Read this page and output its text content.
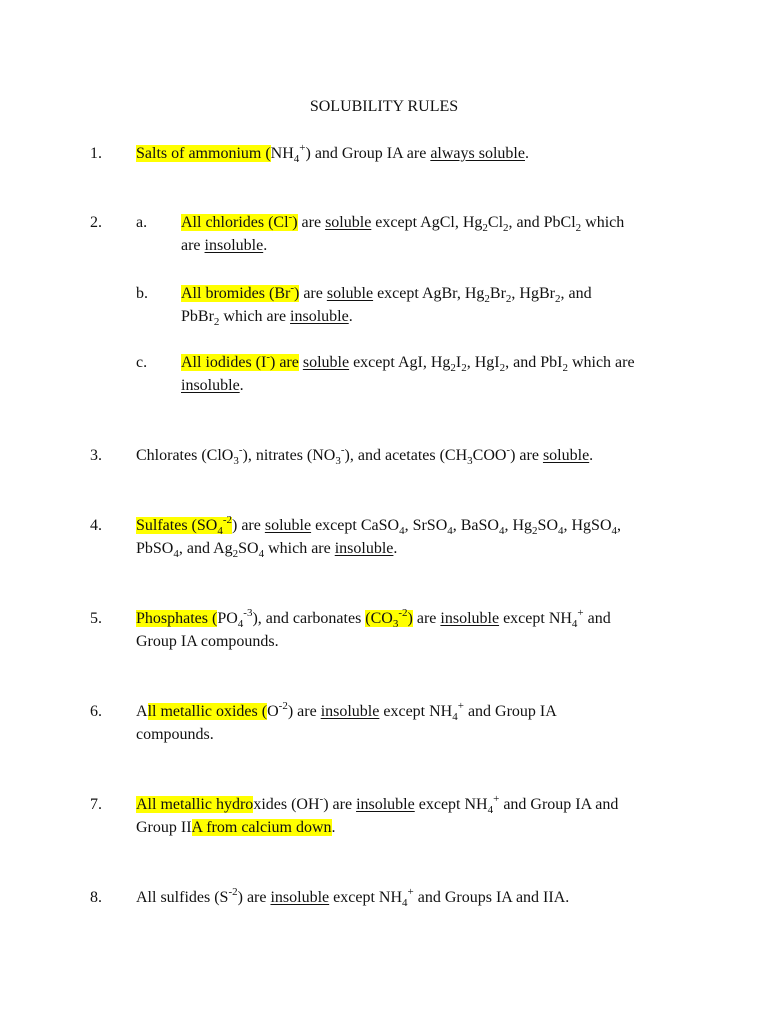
SOLUBILITY RULES
1. Salts of ammonium $(NH_4^+)$ and Group IA are always soluble.
2. a. All chlorides (Cl-) are soluble except AgCl, $Hg_2Cl_2$, and PbCl$_2$ which
are insoluble.
b. All bromides (Br-) are soluble except AgBr, $Hg_2Br_2$, HgBr$_2$, and
PbBr$_2$ which are insoluble.
c. All iodides (I-) are soluble except AgI, $Hg_2I_2$, HgI$_2$, and PbI$_2$ which are
insoluble.
3. Chlorates (ClO$_3$-), nitrates $(NO_3^-)$, and acetates $(CH_3COO^-)$ are soluble.
4. Sulfates $(SO_4^{-2})$ are soluble except CaSO$_4$, SrSO$_4$, BaSO$_4$, $Hg_2SO_4$, HgSO$_4$,
PbSO$_4$, and $Ag_2SO_4$ which are insoluble.
5. Phosphates $(PO_4^{-3})$, and carbonates $(CO_3^{-2})$ are insoluble except $NH_4^+$ and
Group IA compounds.
6. All metallic oxides $(O^{-2})$ are insoluble except $NH_4^+$ and Group IA
compounds.
7. All metallic hydroxides (OH-) are insoluble except $NH_4^+$ and Group IA and
Group IIA from calcium down.
8. All sulfides $(S^{-2})$ are insoluble except $NH_4^+$ and Groups IA and IIA.
